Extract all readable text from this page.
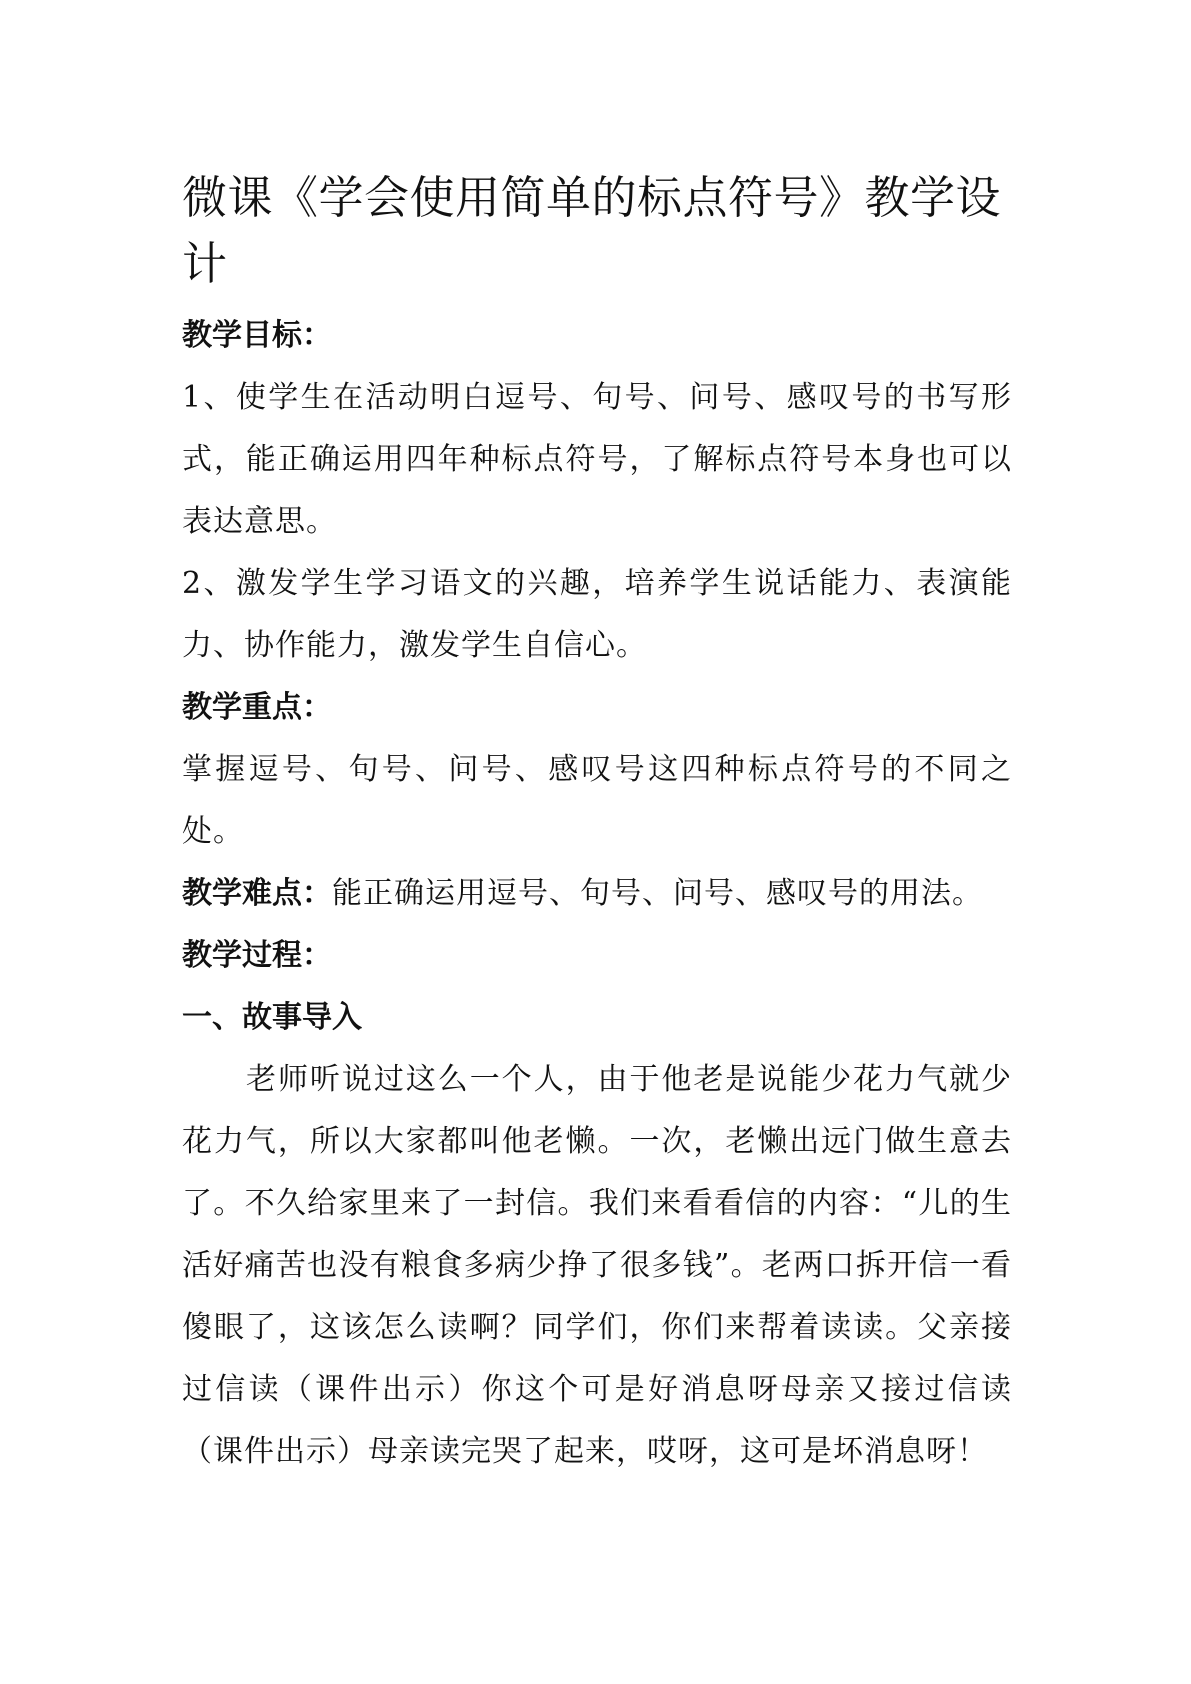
微课《学会使用简单的标点符号》教学设计
教学目标：

1、使学生在活动明白逗号、句号、问号、感叹号的书写形式，能正确运用四年种标点符号，了解标点符号本身也可以表达意思。

2、激发学生学习语文的兴趣，培养学生说话能力、表演能力、协作能力，激发学生自信心。

教学重点：

掌握逗号、句号、问号、感叹号这四种标点符号的不同之处。

教学难点：能正确运用逗号、句号、问号、感叹号的用法。

教学过程：
一、故事导入

老师听说过这么一个人，由于他老是说能少花力气就少花力气，所以大家都叫他老懒。一次，老懒出远门做生意去了。不久给家里来了一封信。我们来看看信的内容：“儿的生活好痛苦也没有粮食多病少挣了很多钱”。老两口拆开信一看傻眼了，这该怎么读啊？同学们，你们来帮着读读。父亲接过信读（课件出示）你这个可是好消息呀母亲又接过信读（课件出示）母亲读完哭了起来，哎呀，这可是坏消息呀！
